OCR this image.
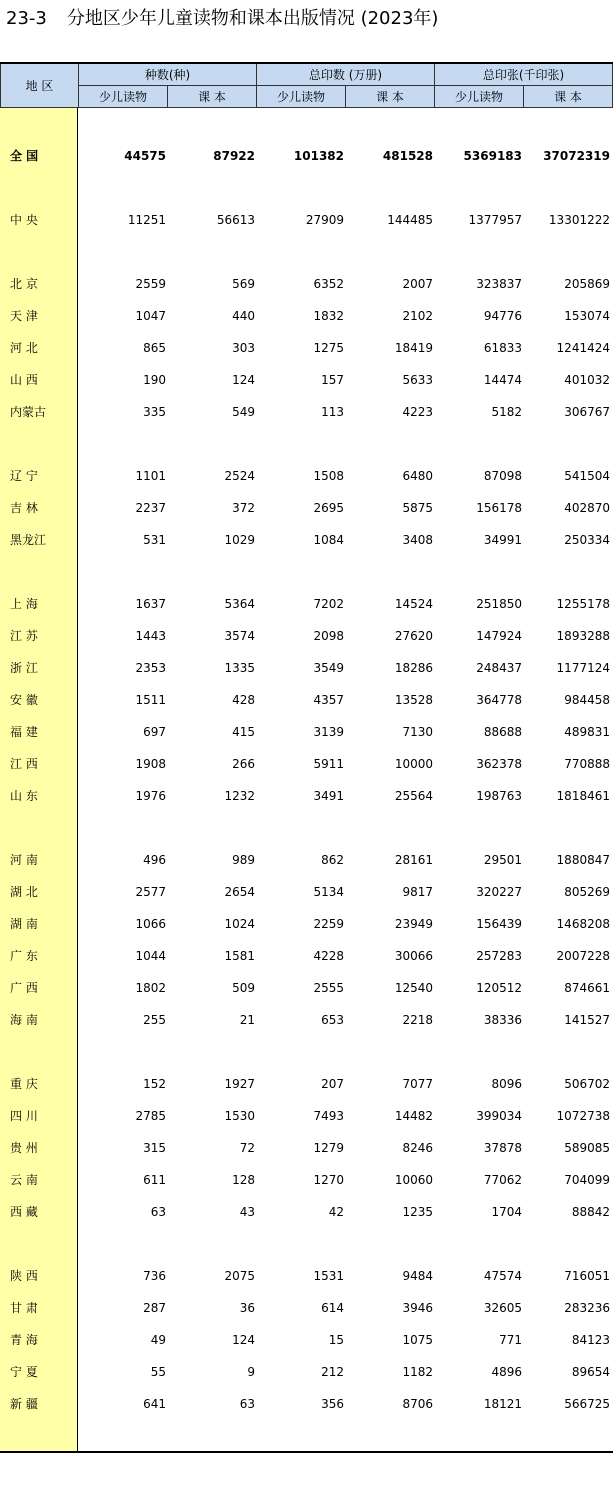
23-3 分地区少年儿童读物和课本出版情况 (2023年)
地 区
种数(种)	总印数 (万册)	总印张(千印张)
少儿读物	课 本	少儿读物	课 本	少儿读物	课 本
全 国	44575	87922	101382	481528	5369183	37072319
中 央	11251	56613	27909	144485	1377957	13301222
北 京	2559	569	6352	2007	323837	205869
天 津	1047	440	1832	2102	94776	153074
河 北	865	303	1275	18419	61833	1241424
山 西	190	124	157	5633	14474	401032
内蒙古	335	549	113	4223	5182	306767
辽 宁	1101	2524	1508	6480	87098	541504
吉 林	2237	372	2695	5875	156178	402870
黑龙江	531	1029	1084	3408	34991	250334
上 海	1637	5364	7202	14524	251850	1255178
江 苏	1443	3574	2098	27620	147924	1893288
浙 江	2353	1335	3549	18286	248437	1177124
安 徽	1511	428	4357	13528	364778	984458
福 建	697	415	3139	7130	88688	489831
江 西	1908	266	5911	10000	362378	770888
山 东	1976	1232	3491	25564	198763	1818461
河 南	496	989	862	28161	29501	1880847
湖 北	2577	2654	5134	9817	320227	805269
湖 南	1066	1024	2259	23949	156439	1468208
广 东	1044	1581	4228	30066	257283	2007228
广 西	1802	509	2555	12540	120512	874661
海 南	255	21	653	2218	38336	141527
重 庆	152	1927	207	7077	8096	506702
四 川	2785	1530	7493	14482	399034	1072738
贵 州	315	72	1279	8246	37878	589085
云 南	611	128	1270	10060	77062	704099
西 藏	63	43	42	1235	1704	88842
陕 西	736	2075	1531	9484	47574	716051
甘 肃	287	36	614	3946	32605	283236
青 海	49	124	15	1075	771	84123
宁 夏	55	9	212	1182	4896	89654
新 疆	641	63	356	8706	18121	566725
